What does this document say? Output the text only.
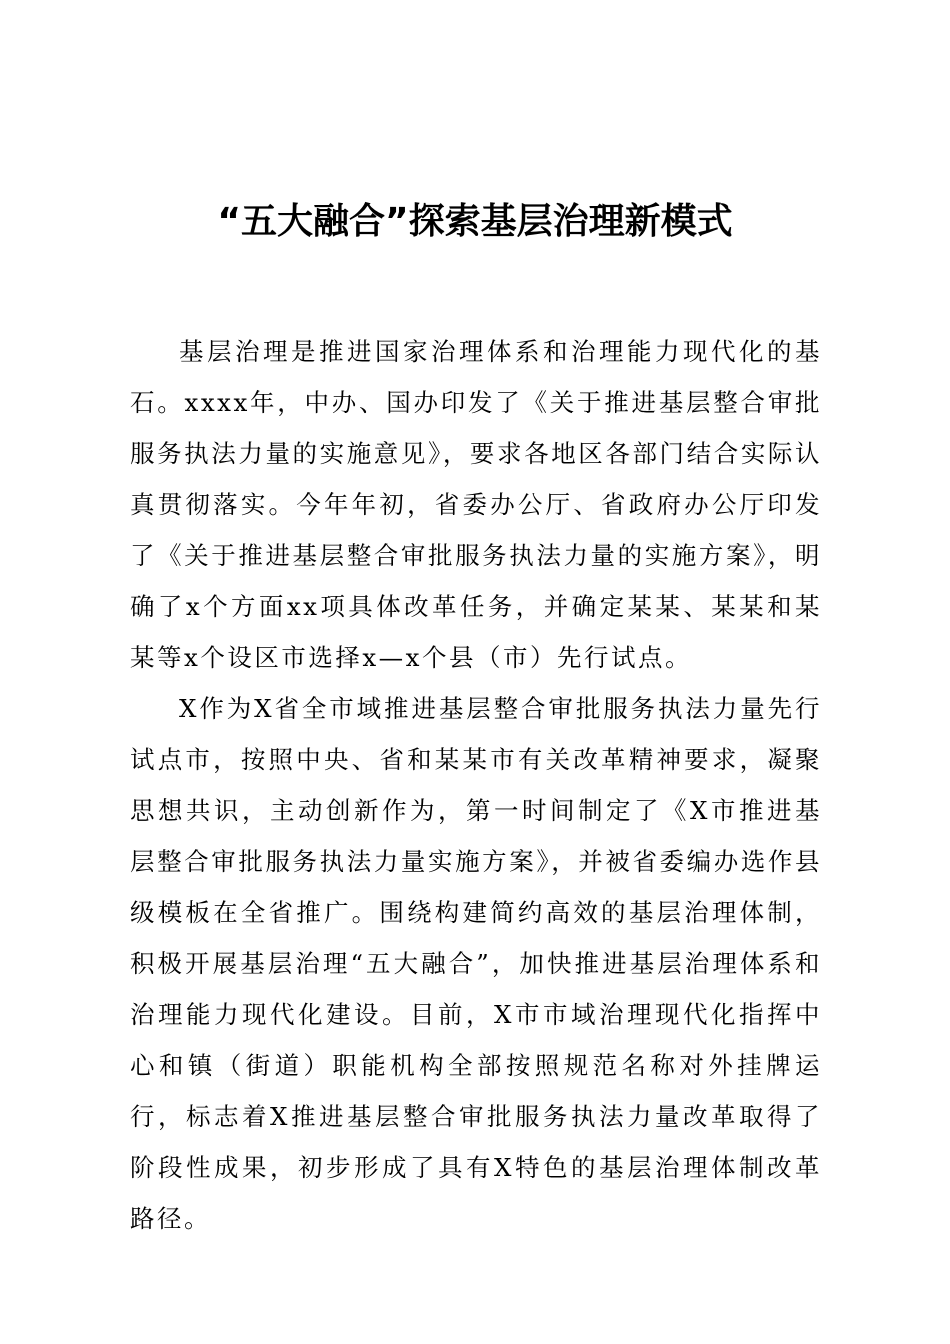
“五大融合”探索基层治理新模式

基层治理是推进国家治理体系和治理能力现代化的基石。xxxx年，中办、国办印发了《关于推进基层整合审批服务执法力量的实施意见》，要求各地区各部门结合实际认真贯彻落实。今年年初，省委办公厅、省政府办公厅印发了《关于推进基层整合审批服务执法力量的实施方案》，明确了x个方面xx项具体改革任务，并确定某某、某某和某某等x个设区市选择x—x个县（市）先行试点。

X作为X省全市域推进基层整合审批服务执法力量先行试点市，按照中央、省和某某市有关改革精神要求，凝聚思想共识，主动创新作为，第一时间制定了《X市推进基层整合审批服务执法力量实施方案》，并被省委编办选作县级模板在全省推广。围绕构建简约高效的基层治理体制，积极开展基层治理“五大融合”，加快推进基层治理体系和治理能力现代化建设。目前，X市市域治理现代化指挥中心和镇（街道）职能机构全部按照规范名称对外挂牌运行，标志着X推进基层整合审批服务执法力量改革取得了阶段性成果，初步形成了具有X特色的基层治理体制改革路径。
